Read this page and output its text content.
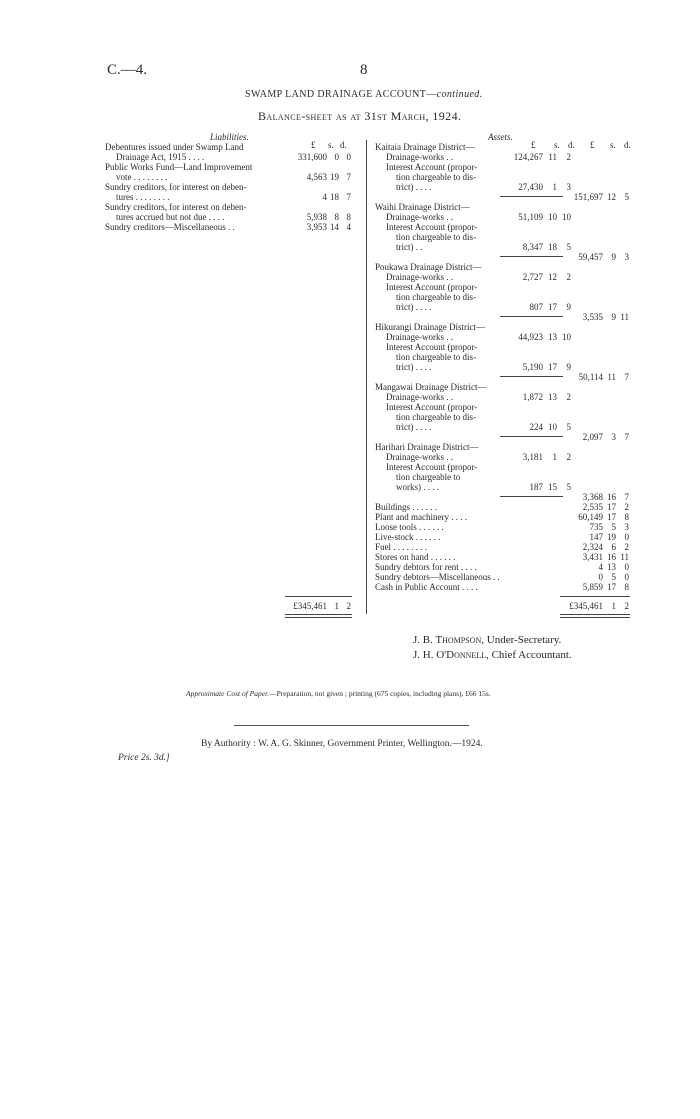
C.—4.	8
SWAMP LAND DRAINAGE ACCOUNT—continued.
Balance-sheet as at 31st March, 1924.
Liabilities.
£ s. d.
Debentures issued under Swamp Land
Drainage Act, 1915 . . . .	331,600 0 0
Public Works Fund—Land Improvement
vote . . . . . . . .	4,563 19 7
Sundry creditors, for interest on deben-
tures . . . . . . . .	4 18 7
Sundry creditors, for interest on deben-
tures accrued but not due . . . .	5,938 8 8
Sundry creditors—Miscellaneous . .	3,953 14 4
£345,461 1 2
Assets.
£ s. d. £ s. d.
Kaitaia Drainage District—
Drainage-works . .	124,267 11	2
Interest Account (propor-
tion chargeable to dis-
trict) . . . .	27,430	1	3
151,697 12 5
Waihi Drainage District—
Drainage-works . .	51,109 10 10
Interest Account (propor-
tion chargeable to dis-
trict) . .	8,347 18	5
59,457 9 3
Poukawa Drainage District—
Drainage-works . .	2,727 12	2
Interest Account (propor-
tion chargeable to dis-
trict) . . . .	807 17	9
3,535 9 11
Hikurangi Drainage District—
Drainage-works . .	44,923 13 10
Interest Account (propor-
tion chargeable to dis-
trict) . . . .	5,190 17	9
50,114 11 7
Mangawai Drainage District—
Drainage-works . .	1,872 13	2
Interest Account (propor-
tion chargeable to dis-
trict) . . . .	224 10	5
2,097 3 7
Harihari Drainage District—
Drainage-works . .	3,181	1	2
Interest Account (propor-
tion chargeable to
works) . . . .	187 15	5
3,368 16 7
Buildings . . . . . .	2,535 17 2
Plant and machinery . . . .	60,149 17 8
Loose tools . . . . . .	735 5 3
Live-stock . . . . . .	147 19 0
Fuel . . . . . . . .	2,324 6 2
Stores on hand . . . . . .	3,431 16 11
Sundry debtors for rent . . . .	4 13 0
Sundry debtors—Miscellaneous . .	0 5 0
Cash in Public Account . . . .	5,859 17 8
£345,461 1 2
J. B. Thompson, Under-Secretary.
J. H. O'Donnell, Chief Accountant.
Approximate Cost of Paper.—Preparation, not given ; printing (675 copies, including plans), £66 15s.
By Authority : W. A. G. Skinner, Government Printer, Wellington.—1924.
Price 2s. 3d.]
